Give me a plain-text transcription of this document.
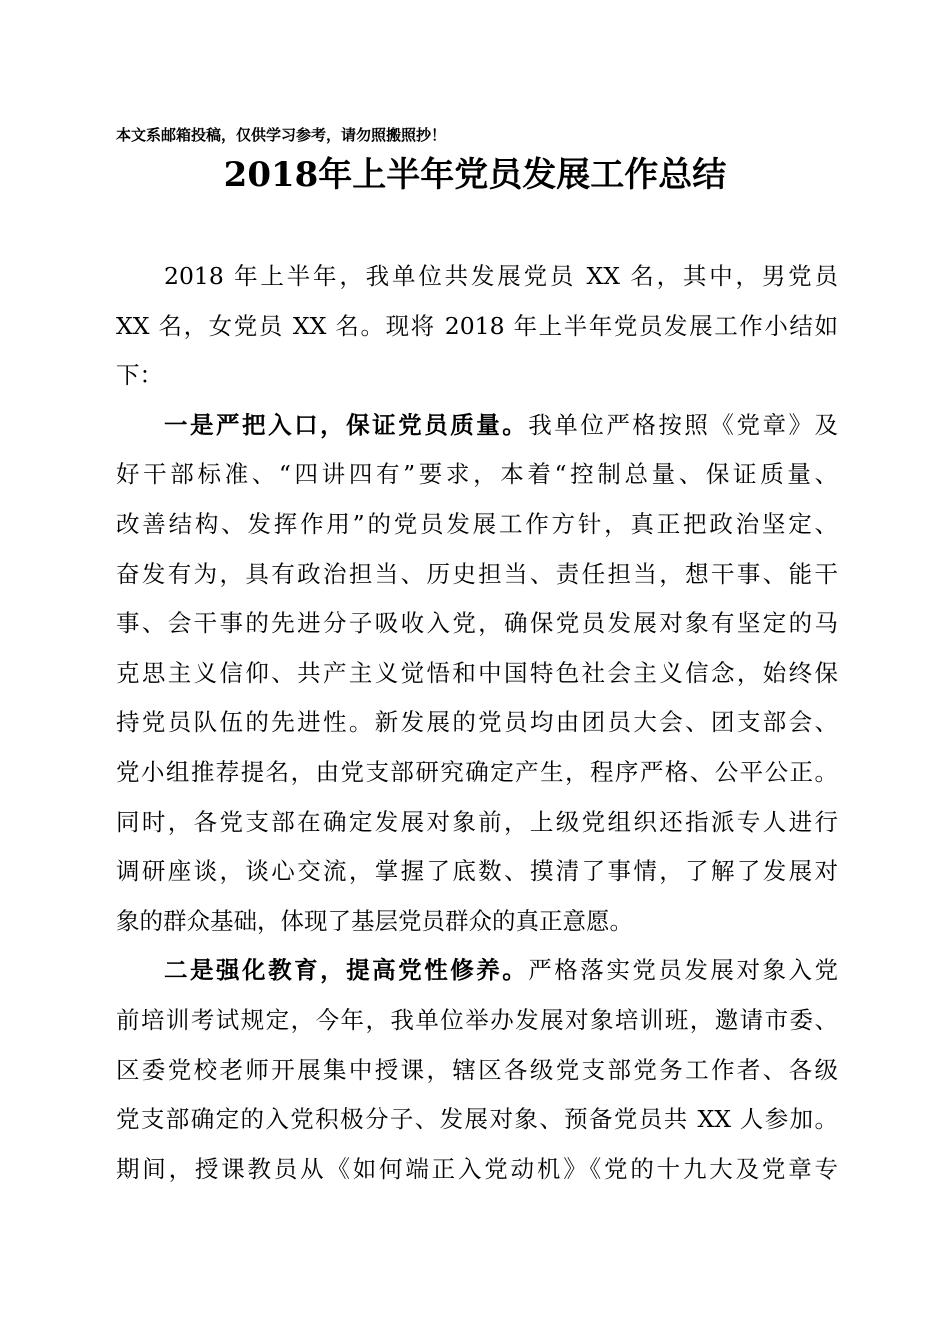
本文系邮箱投稿，仅供学习参考，请勿照搬照抄！
2018年上半年党员发展工作总结
2018 年上半年，我单位共发展党员 XX 名，其中，男党员
XX 名，女党员 XX 名。现将 2018 年上半年党员发展工作小结如
下：
一是严把入口，保证党员质量。我单位严格按照《党章》及
好干部标准、“四讲四有”要求，本着“控制总量、保证质量、
改善结构、发挥作用”的党员发展工作方针，真正把政治坚定、
奋发有为，具有政治担当、历史担当、责任担当，想干事、能干
事、会干事的先进分子吸收入党，确保党员发展对象有坚定的马
克思主义信仰、共产主义觉悟和中国特色社会主义信念，始终保
持党员队伍的先进性。新发展的党员均由团员大会、团支部会、
党小组推荐提名，由党支部研究确定产生，程序严格、公平公正。
同时，各党支部在确定发展对象前，上级党组织还指派专人进行
调研座谈，谈心交流，掌握了底数、摸清了事情，了解了发展对
象的群众基础，体现了基层党员群众的真正意愿。
二是强化教育，提高党性修养。严格落实党员发展对象入党
前培训考试规定，今年，我单位举办发展对象培训班，邀请市委、
区委党校老师开展集中授课，辖区各级党支部党务工作者、各级
党支部确定的入党积极分子、发展对象、预备党员共 XX 人参加。
期间，授课教员从《如何端正入党动机》《党的十九大及党章专
